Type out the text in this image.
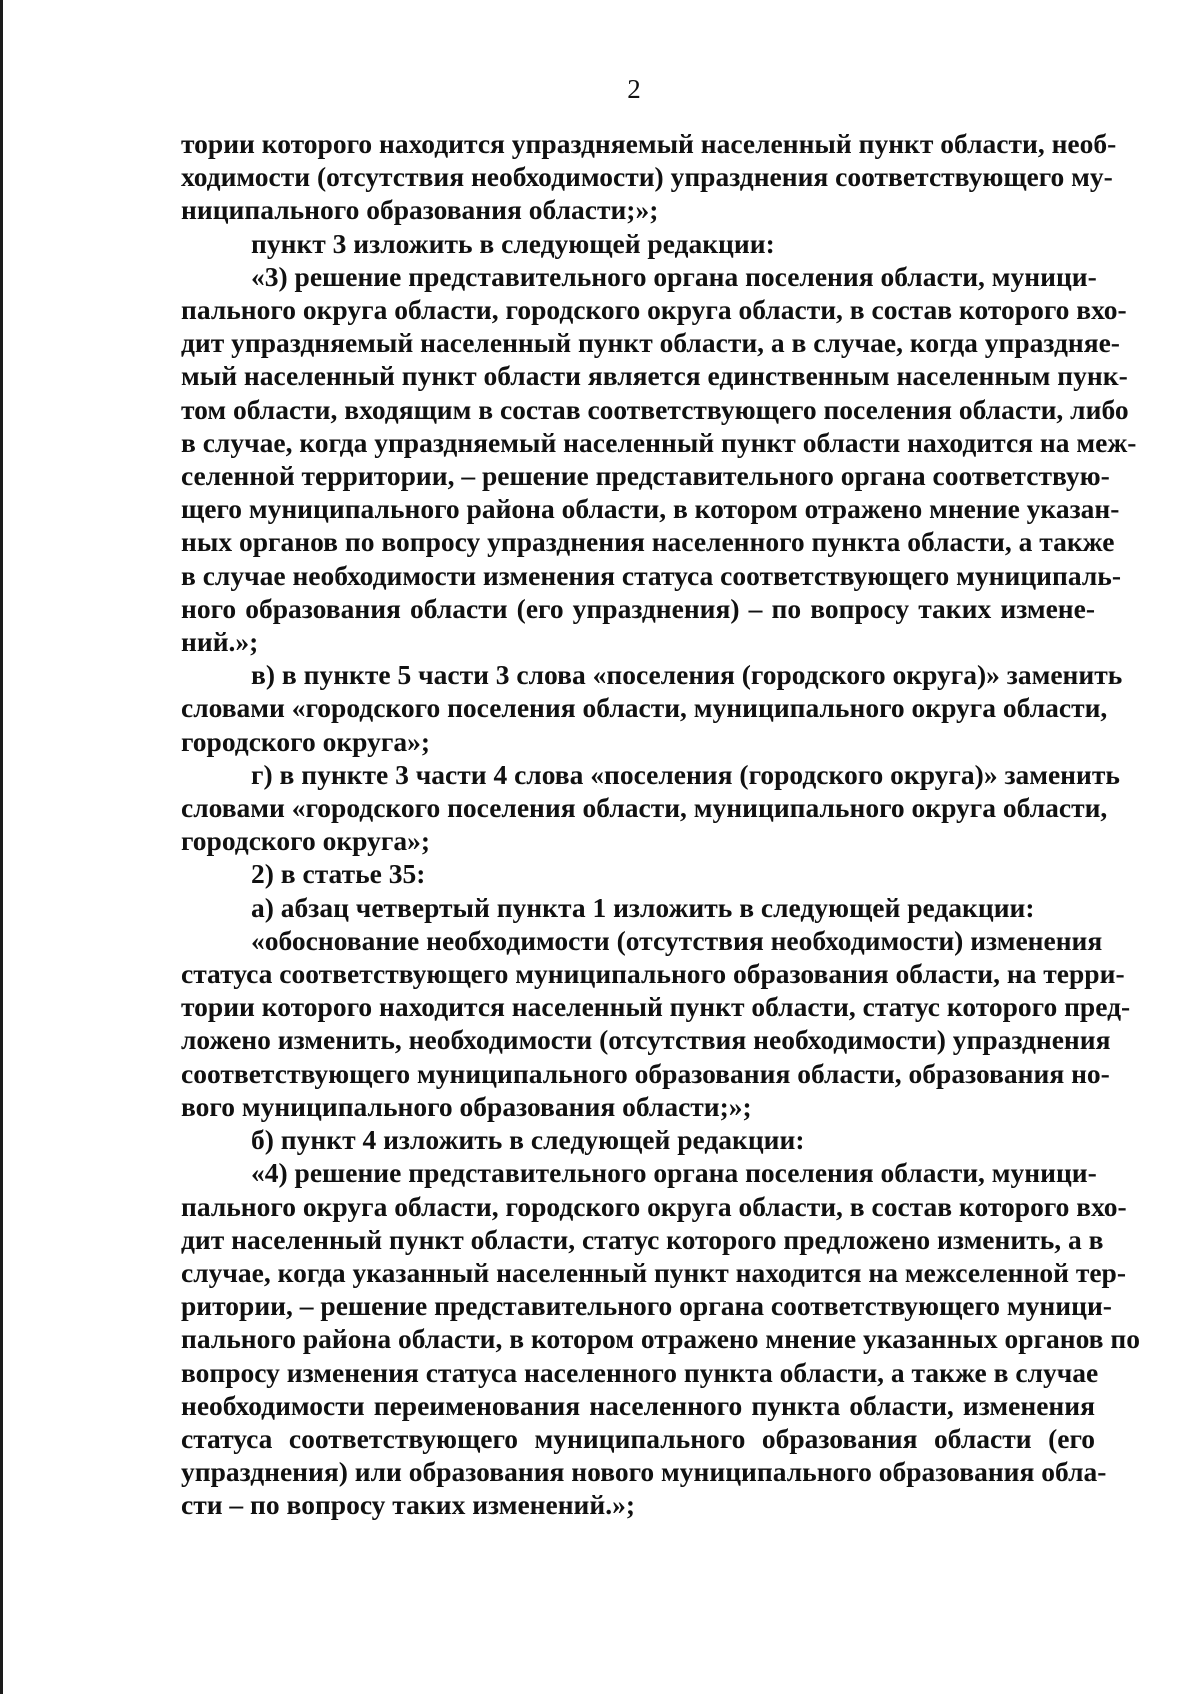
2
тории которого находится упраздняемый населенный пункт области, необ-
ходимости (отсутствия необходимости) упразднения соответствующего му-
ниципального образования области;»;
пункт 3 изложить в следующей редакции:
«3) решение представительного органа поселения области, муници-
пального округа области, городского округа области, в состав которого вхо-
дит упраздняемый населенный пункт области, а в случае, когда упраздняе-
мый населенный пункт области является единственным населенным пунк-
том области, входящим в состав соответствующего поселения области, либо
в случае, когда упраздняемый населенный пункт области находится на меж-
селенной территории, – решение представительного органа соответствую-
щего муниципального района области, в котором отражено мнение указан-
ных органов по вопросу упразднения населенного пункта области, а также
в случае необходимости изменения статуса соответствующего муниципаль-
ного образования области (его упразднения) – по вопросу таких измене-
ний.»;
в) в пункте 5 части 3 слова «поселения (городского округа)» заменить
словами «городского поселения области, муниципального округа области,
городского округа»;
г) в пункте 3 части 4 слова «поселения (городского округа)» заменить
словами «городского поселения области, муниципального округа области,
городского округа»;
2) в статье 35:
а) абзац четвертый пункта 1 изложить в следующей редакции:
«обоснование необходимости (отсутствия необходимости) изменения
статуса соответствующего муниципального образования области, на терри-
тории которого находится населенный пункт области, статус которого пред-
ложено изменить, необходимости (отсутствия необходимости) упразднения
соответствующего муниципального образования области, образования но-
вого муниципального образования области;»;
б) пункт 4 изложить в следующей редакции:
«4) решение представительного органа поселения области, муници-
пального округа области, городского округа области, в состав которого вхо-
дит населенный пункт области, статус которого предложено изменить, а в
случае, когда указанный населенный пункт находится на межселенной тер-
ритории, – решение представительного органа соответствующего муници-
пального района области, в котором отражено мнение указанных органов по
вопросу изменения статуса населенного пункта области, а также в случае
необходимости переименования населенного пункта области, изменения
статуса соответствующего муниципального образования области (его
упразднения) или образования нового муниципального образования обла-
сти – по вопросу таких изменений.»;
